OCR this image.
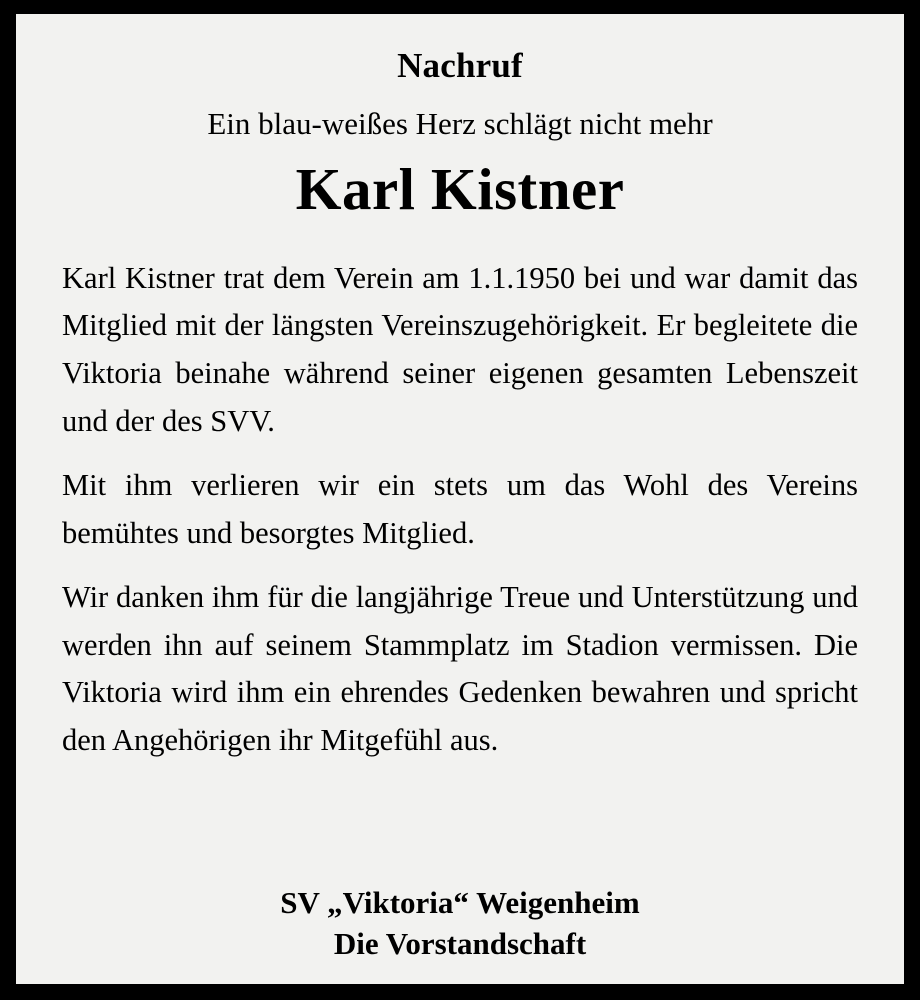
Nachruf
Ein blau-weißes Herz schlägt nicht mehr
Karl Kistner

Karl Kistner trat dem Verein am 1.1.1950 bei und war damit das Mitglied mit der längsten Vereinszugehörigkeit. Er begleitete die Viktoria beinahe während seiner eigenen gesamten Lebenszeit und der des SVV.

Mit ihm verlieren wir ein stets um das Wohl des Vereins bemühtes und besorgtes Mitglied.

Wir danken ihm für die langjährige Treue und Unterstützung und werden ihn auf seinem Stammplatz im Stadion vermissen. Die Viktoria wird ihm ein ehrendes Gedenken bewahren und spricht den Angehörigen ihr Mitgefühl aus.

SV „Viktoria“ Weigenheim
Die Vorstandschaft
